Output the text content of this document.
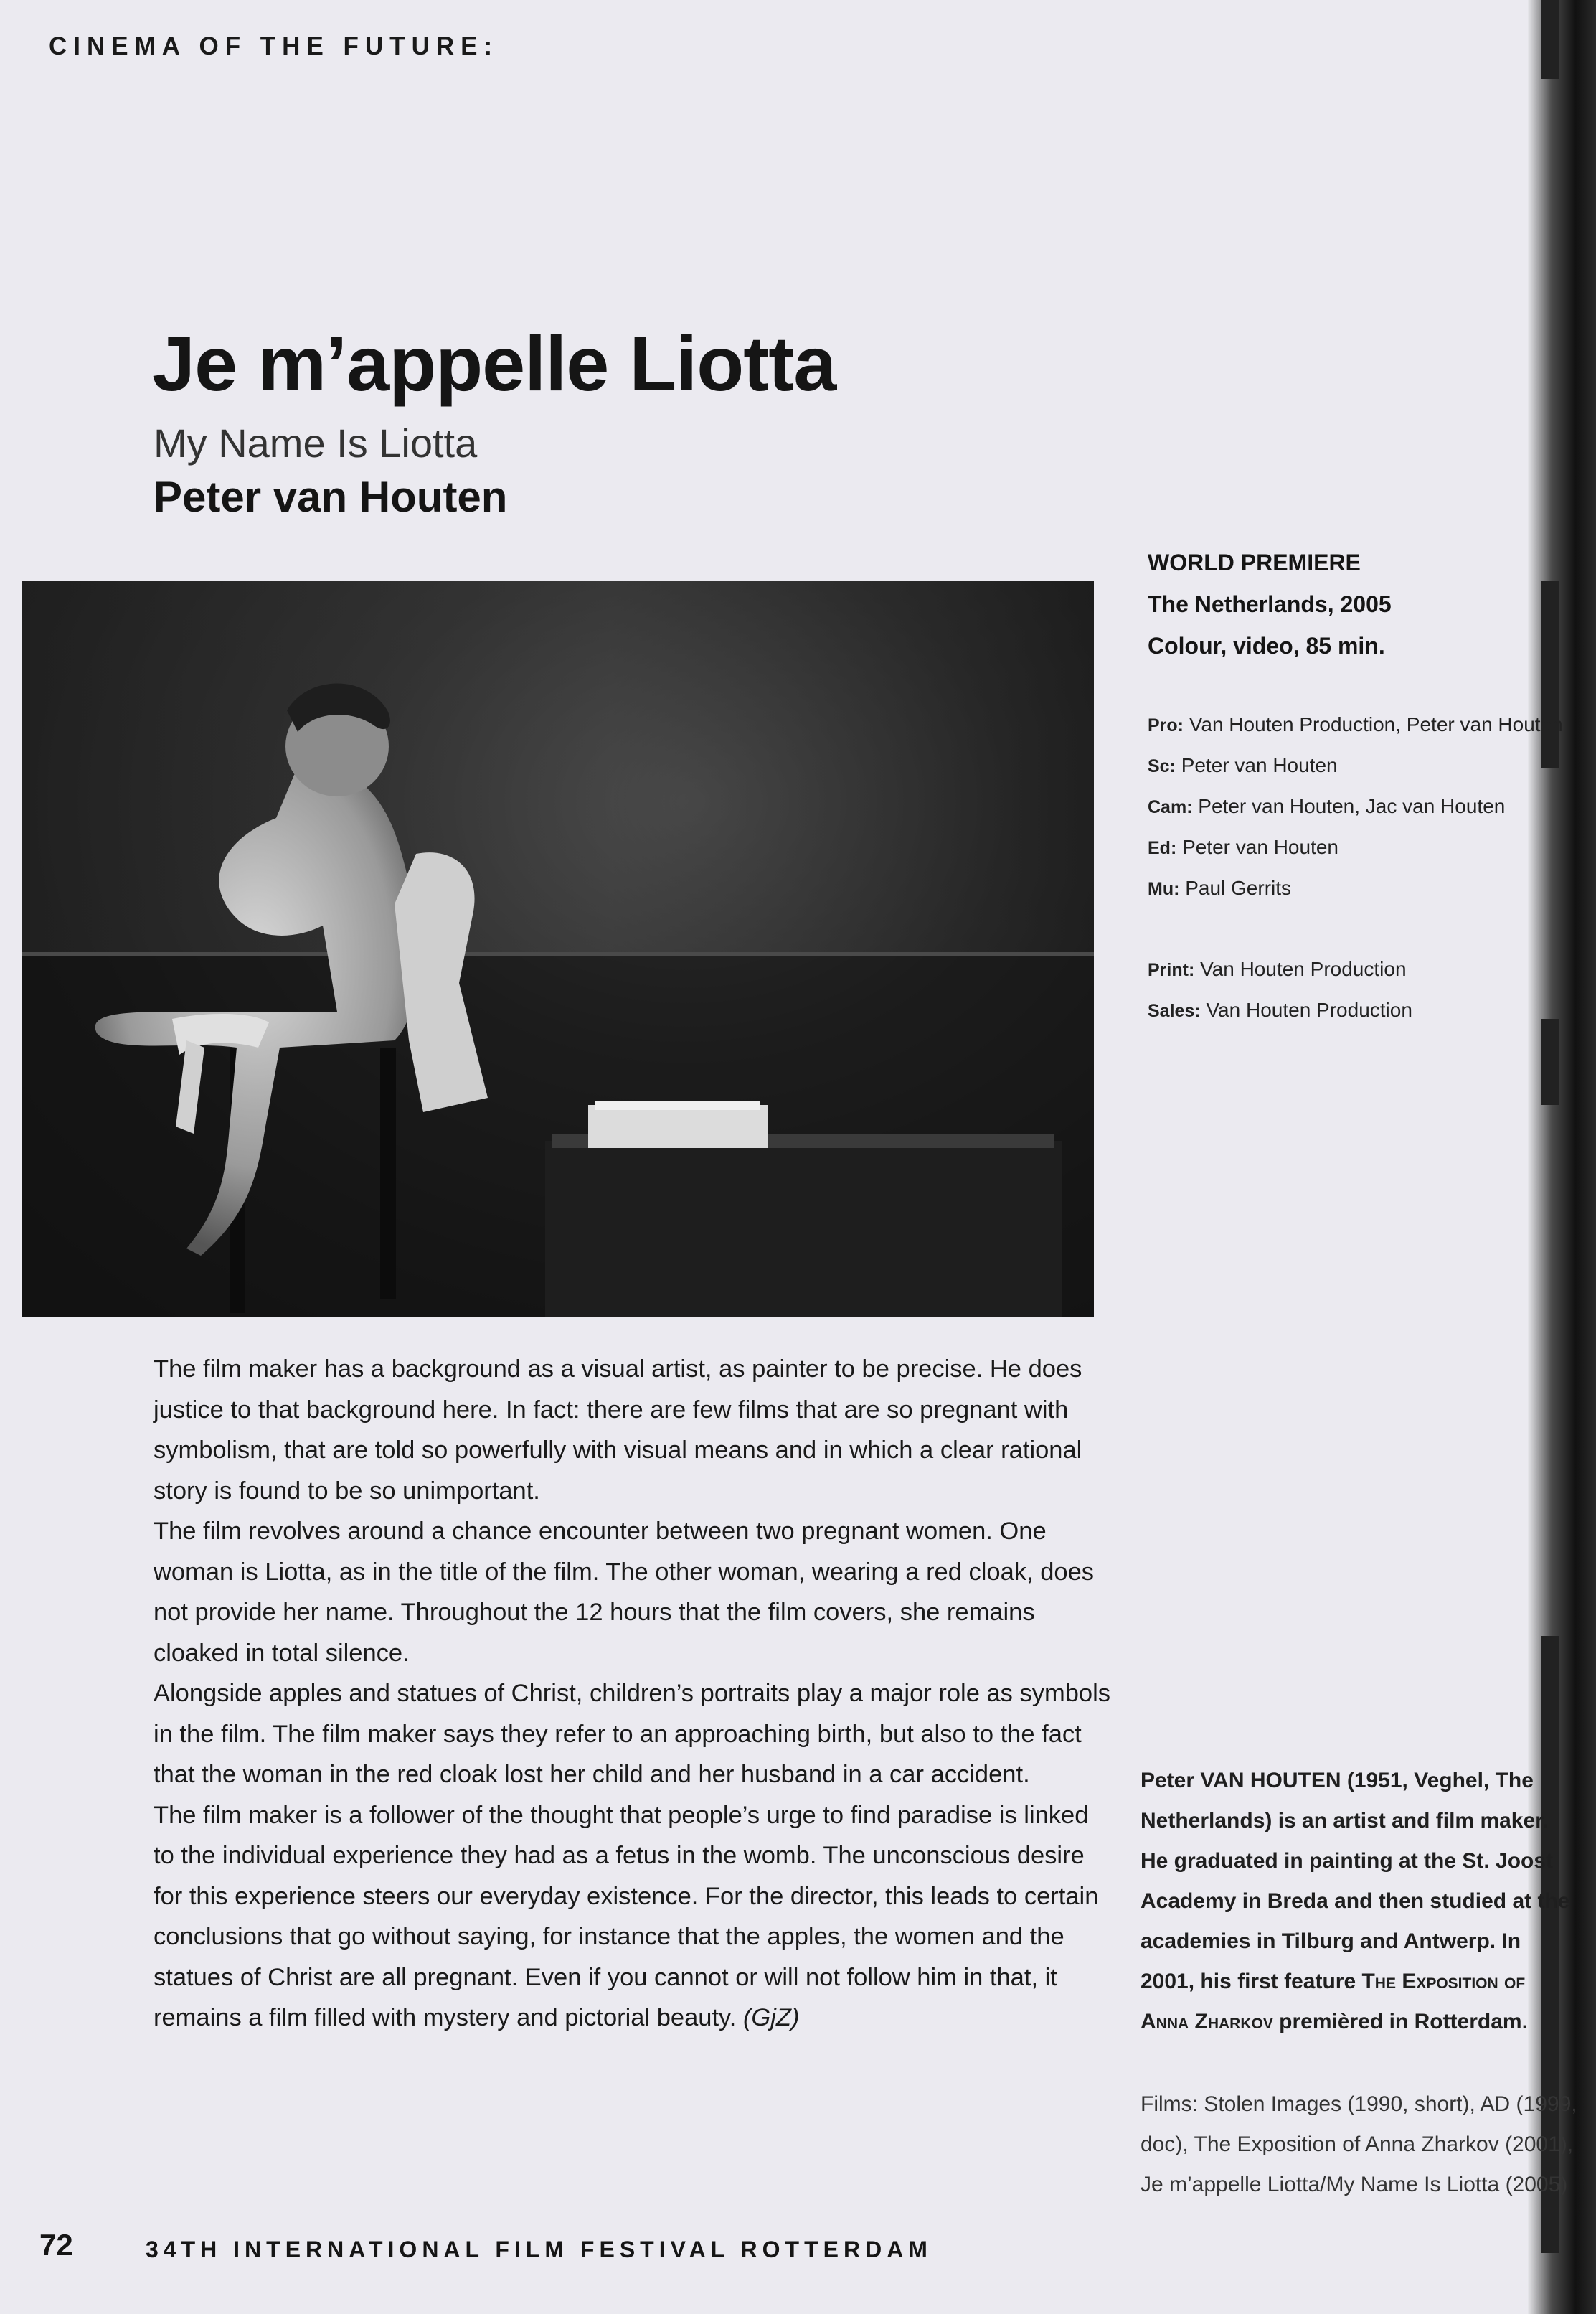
CINEMA OF THE FUTURE:
Je m’appelle Liotta
My Name Is Liotta
Peter van Houten
WORLD PREMIERE
The Netherlands, 2005
Colour, video, 85 min.
Pro: Van Houten Production, Peter van Houten
Sc: Peter van Houten
Cam: Peter van Houten, Jac van Houten
Ed: Peter van Houten
Mu: Paul Gerrits
Print: Van Houten Production
Sales: Van Houten Production

The film maker has a background as a visual artist, as painter to be precise. He does justice to that background here. In fact: there are few films that are so pregnant with symbolism, that are told so powerfully with visual means and in which a clear rational story is found to be so unimportant.

The film revolves around a chance encounter between two pregnant women. One woman is Liotta, as in the title of the film. The other woman, wearing a red cloak, does not provide her name. Throughout the 12 hours that the film covers, she remains cloaked in total silence.

Alongside apples and statues of Christ, children’s portraits play a major role as symbols in the film. The film maker says they refer to an approaching birth, but also to the fact that the woman in the red cloak lost her child and her husband in a car accident.

The film maker is a follower of the thought that people’s urge to find paradise is linked to the individual experience they had as a fetus in the womb. The unconscious desire for this experience steers our everyday existence. For the director, this leads to certain conclusions that go without saying, for instance that the apples, the women and the statues of Christ are all pregnant. Even if you cannot or will not follow him in that, it remains a film filled with mystery and pictorial beauty. (GjZ)

Peter VAN HOUTEN (1951, Veghel, The Netherlands) is an artist and film maker. He graduated in painting at the St. Joost Academy in Breda and then studied at the academies in Tilburg and Antwerp. In 2001, his first feature The Exposition of Anna Zharkov premièred in Rotterdam.
Films: Stolen Images (1990, short), AD (1999, doc), The Exposition of Anna Zharkov (2001), Je m’appelle Liotta/My Name Is Liotta (2005)
72	34TH INTERNATIONAL FILM FESTIVAL ROTTERDAM
